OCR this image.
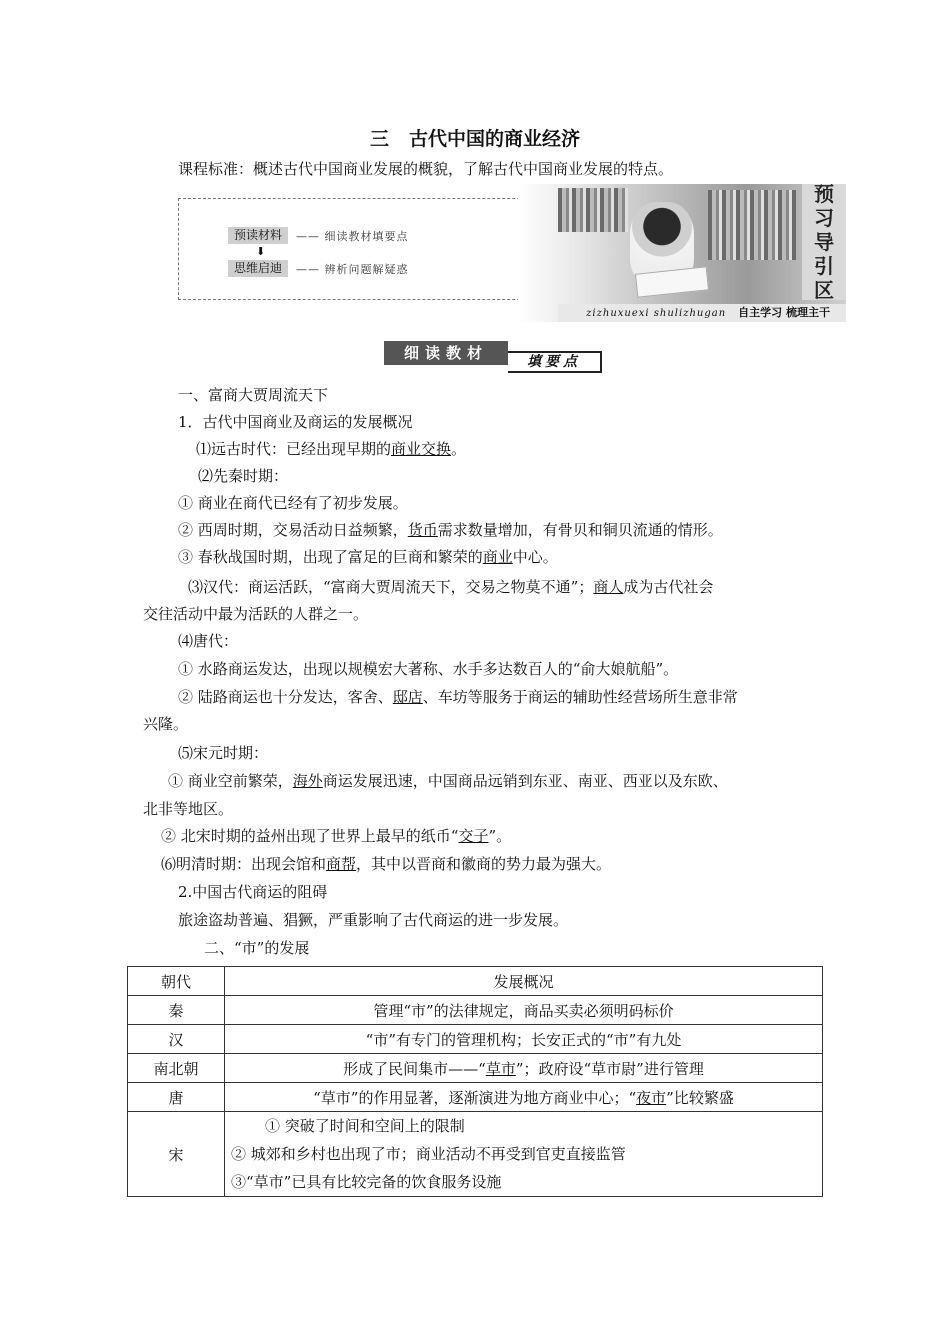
三 古代中国的商业经济
课程标准：概述古代中国商业发展的概貌，了解古代中国商业发展的特点。
预读材料	—— 细读教材填要点
⬇
思维启迪	—— 辨析问题解疑惑
预
习
导
引
区
zizhuxuexi shulizhugan 自主学习 梳理主干
细读教材	填要点
一、富商大贾周流天下
1．古代中国商业及商运的发展概况
⑴远古时代：已经出现早期的商业交换。
⑵先秦时期：
① 商业在商代已经有了初步发展。
② 西周时期，交易活动日益频繁，货币需求数量增加，有骨贝和铜贝流通的情形。
③ 春秋战国时期，出现了富足的巨商和繁荣的商业中心。
⑶汉代：商运活跃，“富商大贾周流天下，交易之物莫不通”；商人成为古代社会
交往活动中最为活跃的人群之一。
⑷唐代：
① 水路商运发达，出现以规模宏大著称、水手多达数百人的“俞大娘航船”。
② 陆路商运也十分发达，客舍、邸店、车坊等服务于商运的辅助性经营场所生意非常
兴隆。
⑸宋元时期：
① 商业空前繁荣，海外商运发展迅速，中国商品远销到东亚、南亚、西亚以及东欧、
北非等地区。
② 北宋时期的益州出现了世界上最早的纸币“交子”。
⑹明清时期：出现会馆和商帮，其中以晋商和徽商的势力最为强大。
2.中国古代商运的阻碍
旅途盗劫普遍、猖獗，严重影响了古代商运的进一步发展。
二、“市”的发展
朝代	发展概况
秦	管理“市”的法律规定，商品买卖必须明码标价
汉	“市”有专门的管理机构；长安正式的“市”有九处
南北朝	形成了民间集市——“草市”；政府设“草市尉”进行管理
唐	“草市”的作用显著，逐渐演进为地方商业中心；“夜市”比较繁盛
宋	① 突破了时间和空间上的限制
② 城郊和乡村也出现了市；商业活动不再受到官吏直接监管
③“草市”已具有比较完备的饮食服务设施
